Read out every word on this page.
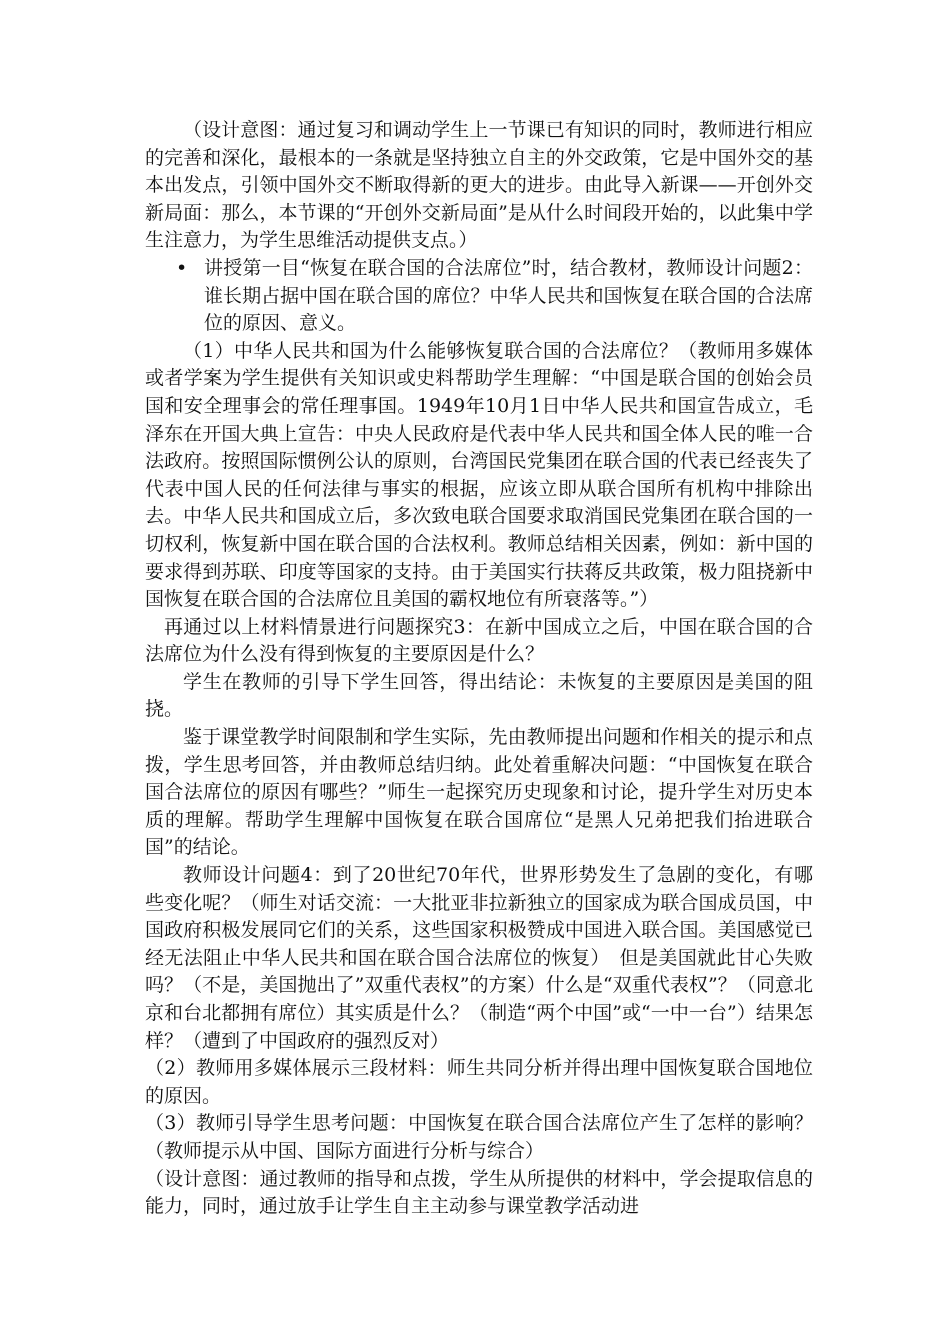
（设计意图：通过复习和调动学生上一节课已有知识的同时，教师进行相应的完善和深化，最根本的一条就是坚持独立自主的外交政策，它是中国外交的基本出发点，引领中国外交不断取得新的更大的进步。由此导入新课——开创外交新局面：那么，本节课的“开创外交新局面”是从什么时间段开始的，以此集中学生注意力，为学生思维活动提供支点。）

• 讲授第一目“恢复在联合国的合法席位”时，结合教材，教师设计问题2：谁长期占据中国在联合国的席位？中华人民共和国恢复在联合国的合法席位的原因、意义。

（1）中华人民共和国为什么能够恢复联合国的合法席位？（教师用多媒体或者学案为学生提供有关知识或史料帮助学生理解：“中国是联合国的创始会员国和安全理事会的常任理事国。1949年10月1日中华人民共和国宣告成立，毛泽东在开国大典上宣告：中央人民政府是代表中华人民共和国全体人民的唯一合法政府。按照国际惯例公认的原则，台湾国民党集团在联合国的代表已经丧失了代表中国人民的任何法律与事实的根据，应该立即从联合国所有机构中排除出去。中华人民共和国成立后，多次致电联合国要求取消国民党集团在联合国的一切权利，恢复新中国在联合国的合法权利。教师总结相关因素，例如：新中国的要求得到苏联、印度等国家的支持。由于美国实行扶蒋反共政策，极力阻挠新中国恢复在联合国的合法席位且美国的霸权地位有所衰落等。”）

再通过以上材料情景进行问题探究3：在新中国成立之后，中国在联合国的合法席位为什么没有得到恢复的主要原因是什么？

学生在教师的引导下学生回答，得出结论：未恢复的主要原因是美国的阻挠。

鉴于课堂教学时间限制和学生实际，先由教师提出问题和作相关的提示和点拨，学生思考回答，并由教师总结归纳。此处着重解决问题：“中国恢复在联合国合法席位的原因有哪些？”师生一起探究历史现象和讨论，提升学生对历史本质的理解。帮助学生理解中国恢复在联合国席位“是黑人兄弟把我们抬进联合国”的结论。

教师设计问题4：到了20世纪70年代，世界形势发生了急剧的变化，有哪些变化呢？（师生对话交流：一大批亚非拉新独立的国家成为联合国成员国，中国政府积极发展同它们的关系，这些国家积极赞成中国进入联合国。美国感觉已经无法阻止中华人民共和国在联合国合法席位的恢复）　但是美国就此甘心失败吗？（不是，美国抛出了”双重代表权”的方案）什么是“双重代表权”？（同意北京和台北都拥有席位）其实质是什么？（制造“两个中国”或“一中一台”）结果怎样？（遭到了中国政府的强烈反对）

（2）教师用多媒体展示三段材料：师生共同分析并得出理中国恢复联合国地位的原因。

（3）教师引导学生思考问题：中国恢复在联合国合法席位产生了怎样的影响？（教师提示从中国、国际方面进行分析与综合）

（设计意图：通过教师的指导和点拨，学生从所提供的材料中，学会提取信息的能力，同时，通过放手让学生自主主动参与课堂教学活动进
